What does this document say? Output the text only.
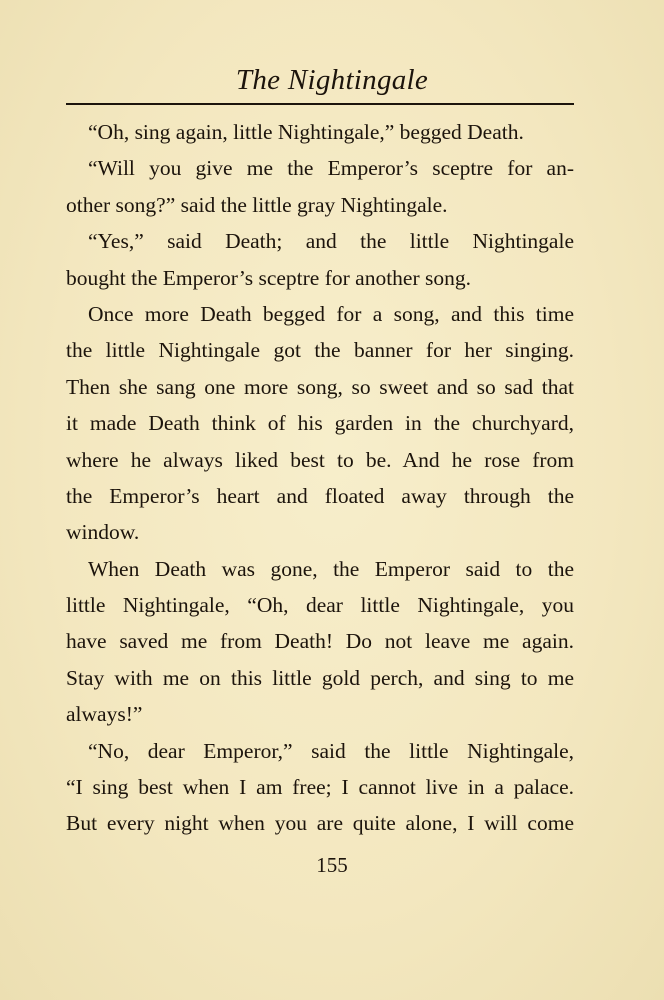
The Nightingale
“Oh, sing again, little Nightingale,” begged Death.
“Will you give me the Emperor’s sceptre for an-
other song?” said the little gray Nightingale.
“Yes,” said Death; and the little Nightingale
bought the Emperor’s sceptre for another song.
Once more Death begged for a song, and this time
the little Nightingale got the banner for her singing.
Then she sang one more song, so sweet and so sad that
it made Death think of his garden in the churchyard,
where he always liked best to be. And he rose from
the Emperor’s heart and floated away through the
window.
When Death was gone, the Emperor said to the
little Nightingale, “Oh, dear little Nightingale, you
have saved me from Death! Do not leave me again.
Stay with me on this little gold perch, and sing to me
always!”
“No, dear Emperor,” said the little Nightingale,
“I sing best when I am free; I cannot live in a palace.
But every night when you are quite alone, I will come
155
